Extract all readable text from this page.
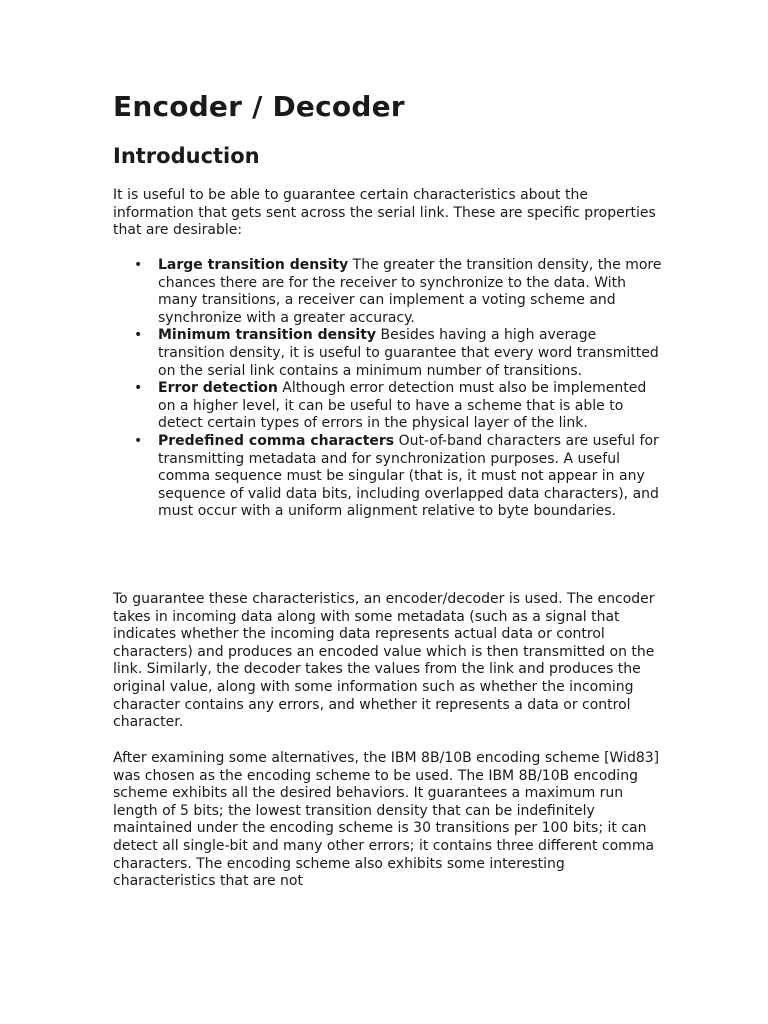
Encoder / Decoder
Introduction

It is useful to be able to guarantee certain characteristics about the information that gets sent across the serial link. These are specific properties that are desirable:

• Large transition density The greater the transition density, the more chances there are for the receiver to synchronize to the data. With many transitions, a receiver can implement a voting scheme and synchronize with a greater accuracy.
• Minimum transition density Besides having a high average transition density, it is useful to guarantee that every word transmitted on the serial link contains a minimum number of transitions.
• Error detection Although error detection must also be implemented on a higher level, it can be useful to have a scheme that is able to detect certain types of errors in the physical layer of the link.
• Predefined comma characters Out-of-band characters are useful for transmitting metadata and for synchronization purposes. A useful comma sequence must be singular (that is, it must not appear in any sequence of valid data bits, including overlapped data characters), and must occur with a uniform alignment relative to byte boundaries.

To guarantee these characteristics, an encoder/decoder is used. The encoder takes in incoming data along with some metadata (such as a signal that indicates whether the incoming data represents actual data or control characters) and produces an encoded value which is then transmitted on the link. Similarly, the decoder takes the values from the link and produces the original value, along with some information such as whether the incoming character contains any errors, and whether it represents a data or control character.

After examining some alternatives, the IBM 8B/10B encoding scheme [Wid83] was chosen as the encoding scheme to be used. The IBM 8B/10B encoding scheme exhibits all the desired behaviors. It guarantees a maximum run length of 5 bits; the lowest transition density that can be indefinitely maintained under the encoding scheme is 30 transitions per 100 bits; it can detect all single-bit and many other errors; it contains three different comma characters. The encoding scheme also exhibits some interesting characteristics that are not
